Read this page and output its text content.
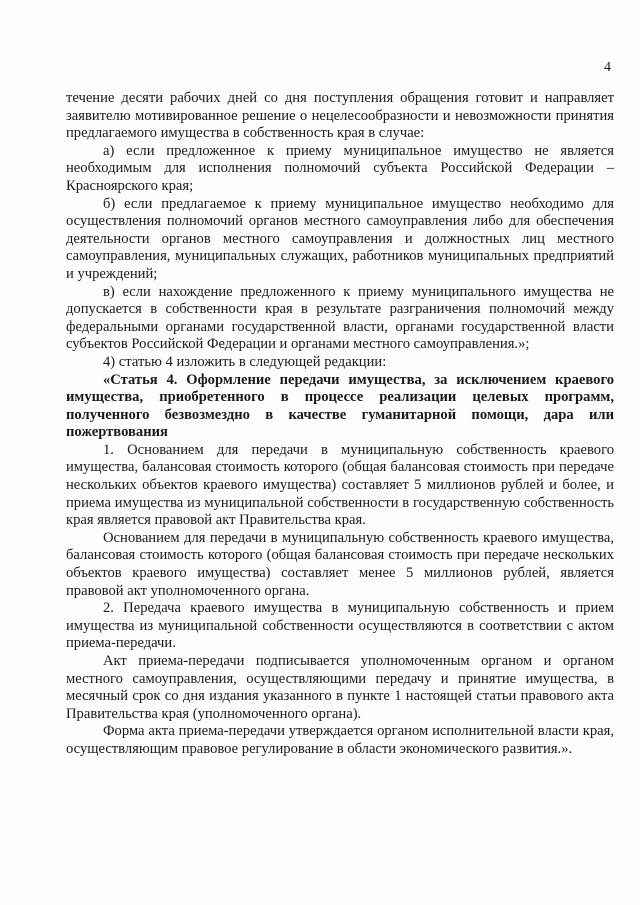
4

течение десяти рабочих дней со дня поступления обращения готовит и направляет заявителю мотивированное решение о нецелесообразности и невозможности принятия предлагаемого имущества в собственность края в случае:

а) если предложенное к приему муниципальное имущество не является необходимым для исполнения полномочий субъекта Российской Федерации – Красноярского края;

б) если предлагаемое к приему муниципальное имущество необходимо для осуществления полномочий органов местного самоуправления либо для обеспечения деятельности органов местного самоуправления и должностных лиц местного самоуправления, муниципальных служащих, работников муниципальных предприятий и учреждений;

в) если нахождение предложенного к приему муниципального имущества не допускается в собственности края в результате разграничения полномочий между федеральными органами государственной власти, органами государственной власти субъектов Российской Федерации и органами местного самоуправления.»;

4) статью 4 изложить в следующей редакции:

«Статья 4. Оформление передачи имущества, за исключением краевого имущества, приобретенного в процессе реализации целевых программ, полученного безвозмездно в качестве гуманитарной помощи, дара или пожертвования

1. Основанием для передачи в муниципальную собственность краевого имущества, балансовая стоимость которого (общая балансовая стоимость при передаче нескольких объектов краевого имущества) составляет 5 миллионов рублей и более, и приема имущества из муниципальной собственности в государственную собственность края является правовой акт Правительства края.

Основанием для передачи в муниципальную собственность краевого имущества, балансовая стоимость которого (общая балансовая стоимость при передаче нескольких объектов краевого имущества) составляет менее 5 миллионов рублей, является правовой акт уполномоченного органа.

2. Передача краевого имущества в муниципальную собственность и прием имущества из муниципальной собственности осуществляются в соответствии с актом приема-передачи.

Акт приема-передачи подписывается уполномоченным органом и органом местного самоуправления, осуществляющими передачу и принятие имущества, в месячный срок со дня издания указанного в пункте 1 настоящей статьи правового акта Правительства края (уполномоченного органа).

Форма акта приема-передачи утверждается органом исполнительной власти края, осуществляющим правовое регулирование в области экономического развития.».
